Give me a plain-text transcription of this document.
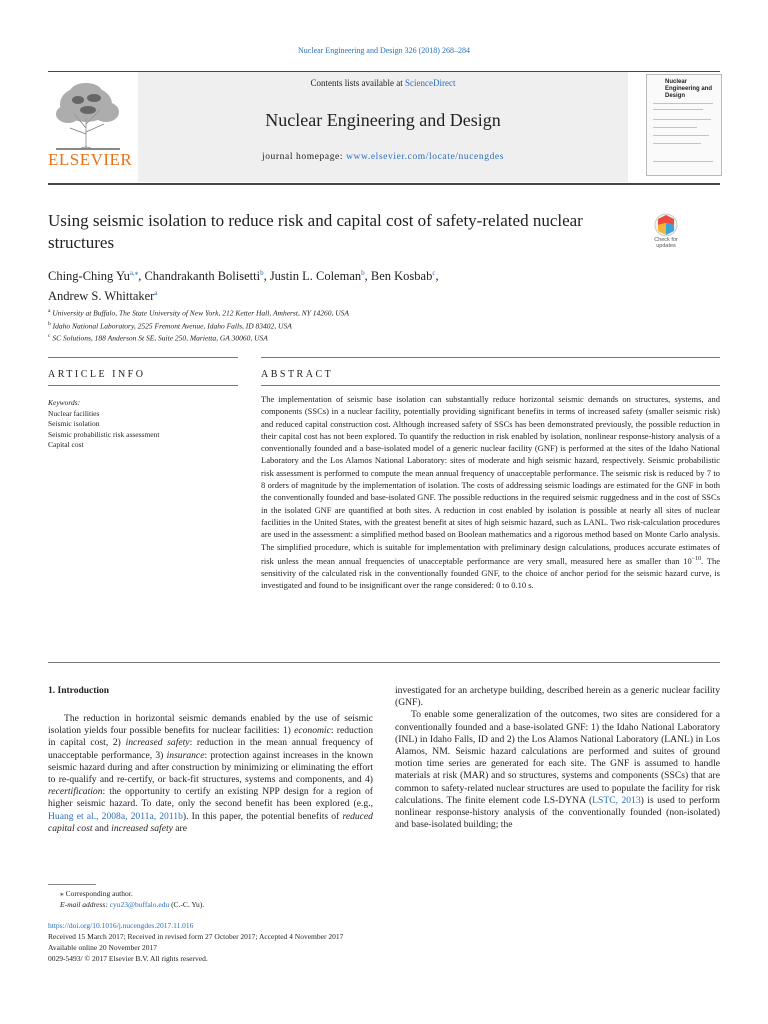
Nuclear Engineering and Design 326 (2018) 268–284
ELSEVIER
Contents lists available at ScienceDirect
Nuclear Engineering and Design
journal homepage: www.elsevier.com/locate/nucengdes
Nuclear Engineering and Design
Using seismic isolation to reduce risk and capital cost of safety-related nuclear structures	Check for updates
Ching-Ching $Yu^{a,⁎}$, Chandrakanth Bolisetti$^b$, Justin L. Coleman$^b$, Ben Kosbab$^c$,
Andrew S. Whittaker$^a$
$^a$ University at Buffalo, The State University of New York, 212 Ketter Hall, Amherst, NY 14260, USA
$^b$ Idaho National Laboratory, 2525 Fremont Avenue, Idaho Falls, ID 83402, USA
$^c$ SC Solutions, 188 Anderson St SE, Suite 250, Marietta, GA 30060, USA
ARTICLE INFO	ABSTRACT
Keywords:
Nuclear facilities
Seismic isolation
Seismic probabilistic risk assessment
Capital cost
The implementation of seismic base isolation can substantially reduce horizontal seismic demands on structures, systems, and components (SSCs) in a nuclear facility, potentially providing significant benefits in terms of increased safety (smaller seismic risk) and reduced capital construction cost. Although increased safety of SSCs has been demonstrated previously, the possible reduction in their capital cost has not been explored. To quantify the reduction in risk enabled by isolation, nonlinear response-history analysis of a conventionally founded and a base-isolated model of a generic nuclear facility (GNF) is performed at the sites of the Idaho National Laboratory and the Los Alamos National Laboratory: sites of moderate and high seismic hazard, respectively. Seismic probabilistic risk assessment is performed to compute the mean annual frequency of unacceptable performance. The seismic risk is reduced by 7 to 8 orders of magnitude by the implementation of isolation. The costs of addressing seismic loadings are estimated for the GNF in both the conventionally founded and base-isolated GNF. The possible reductions in the required seismic ruggedness and in the cost of SSCs in the isolated GNF are quantified at both sites. A reduction in cost enabled by isolation is possible at nearly all sites of nuclear facilities in the United States, with the greatest benefit at sites of high seismic hazard, such as LANL. Two risk-calculation procedures are used in the assessment: a simplified method based on Boolean mathematics and a rigorous method based on Monte Carlo analysis. The simplified procedure, which is suitable for implementation with preliminary design calculations, produces accurate estimates of risk unless the mean annual frequencies of unacceptable performance are very small, measured here as smaller than $10^{-10}$. The sensitivity of the calculated risk in the conventionally founded GNF, to the choice of anchor period for the seismic hazard curve, is investigated and found to be insignificant over the range considered: 0 to 0.10 s.
1. Introduction

The reduction in horizontal seismic demands enabled by the use of seismic isolation yields four possible benefits for nuclear facilities: 1) economic: reduction in capital cost, 2) increased safety: reduction in the mean annual frequency of unacceptable performance, 3) insurance: protection against increases in the known seismic hazard during and after construction by minimizing or eliminating the effort to re-qualify and re-certify, or back-fit structures, systems and components, and 4) recertification: the opportunity to certify an existing NPP design for a region of higher seismic hazard. To date, only the second benefit has been explored (e.g., Huang et al., 2008a, 2011a, 2011b). In this paper, the potential benefits of reduced capital cost and increased safety are

investigated for an archetype building, described herein as a generic nuclear facility (GNF).

To enable some generalization of the outcomes, two sites are considered for a conventionally founded and a base-isolated GNF: 1) the Idaho National Laboratory (INL) in Idaho Falls, ID and 2) the Los Alamos National Laboratory (LANL) in Los Alamos, NM. Seismic hazard calculations are performed and suites of ground motion time series are generated for each site. The GNF is assumed to handle materials at risk (MAR) and so structures, systems and components (SSCs) that are common to safety-related nuclear structures are used to populate the facility for risk calculations. The finite element code LS-DYNA (LSTC, 2013) is used to perform nonlinear response-history analysis of the conventionally founded (non-isolated) and base-isolated building; the

⁎ Corresponding author.
E-mail address: cyu23@buffalo.edu (C.-C. Yu).
https://doi.org/10.1016/j.nucengdes.2017.11.016
Received 15 March 2017; Received in revised form 27 October 2017; Accepted 4 November 2017
Available online 20 November 2017
0029-5493/ © 2017 Elsevier B.V. All rights reserved.
